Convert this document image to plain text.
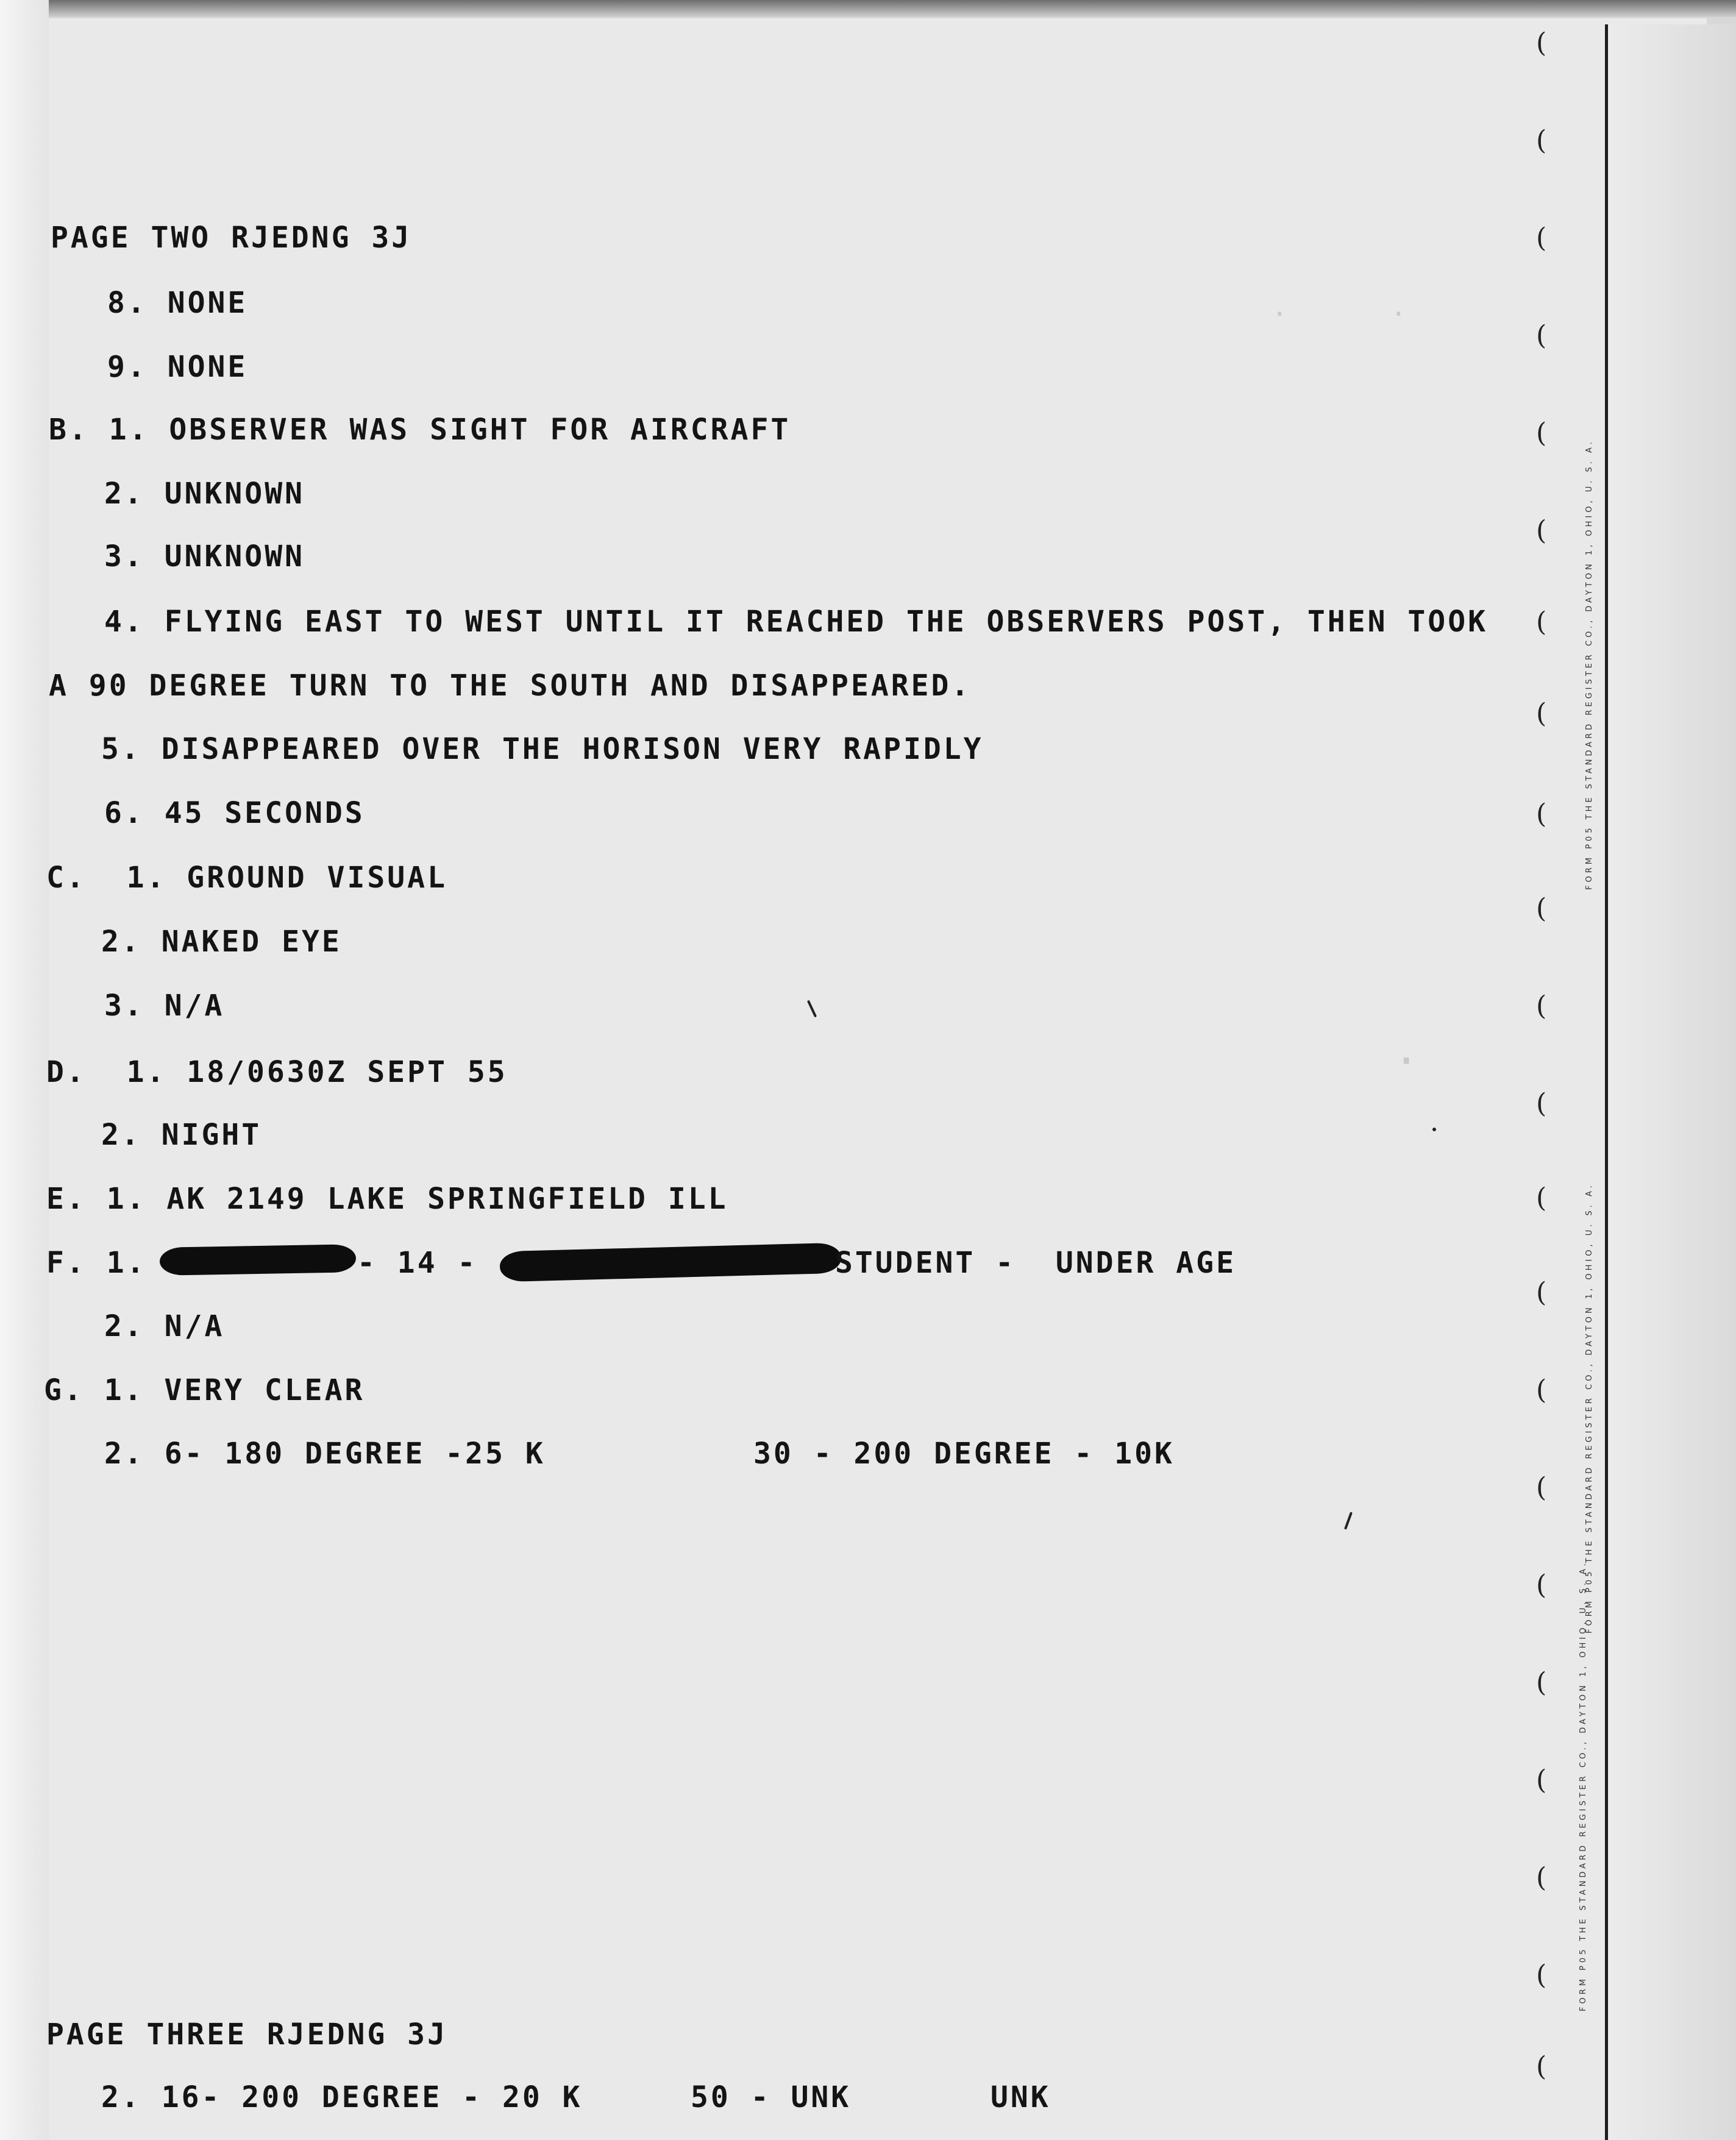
FORM P05 THE STANDARD REGISTER CO., DAYTON 1, OHIO, U. S. A.
FORM P05 THE STANDARD REGISTER CO., DAYTON 1, OHIO, U. S. A.
FORM P05 THE STANDARD REGISTER CO., DAYTON 1, OHIO, U. S. A.
(
(
(
(
(
(
(
(
(
(
(
(
(
(
(
(
(
(
(
(
(
(
·     ·
·

PAGE TWO RJEDNG 3J

8. NONE

9. NONE

B. 1. OBSERVER WAS SIGHT FOR AIRCRAFT

2. UNKNOWN

3. UNKNOWN

4. FLYING EAST TO WEST UNTIL IT REACHED THE OBSERVERS POST, THEN TOOK

A 90 DEGREE TURN TO THE SOUTH AND DISAPPEARED.

5. DISAPPEARED OVER THE HORISON VERY RAPIDLY

6. 45 SECONDS

C.  1. GROUND VISUAL

2. NAKED EYE

3. N/A

D.  1. 18/0630Z SEPT 55

2. NIGHT

E. 1. AK 2149 LAKE SPRINGFIELD ILL

F. 1.	- 14 -	STUDENT -  UNDER AGE

2. N/A

G. 1. VERY CLEAR

2. 6- 180 DEGREE -25 K	30 - 200 DEGREE - 10K

PAGE THREE RJEDNG 3J

2. 16- 200 DEGREE - 20 K	50 - UNK	UNK
